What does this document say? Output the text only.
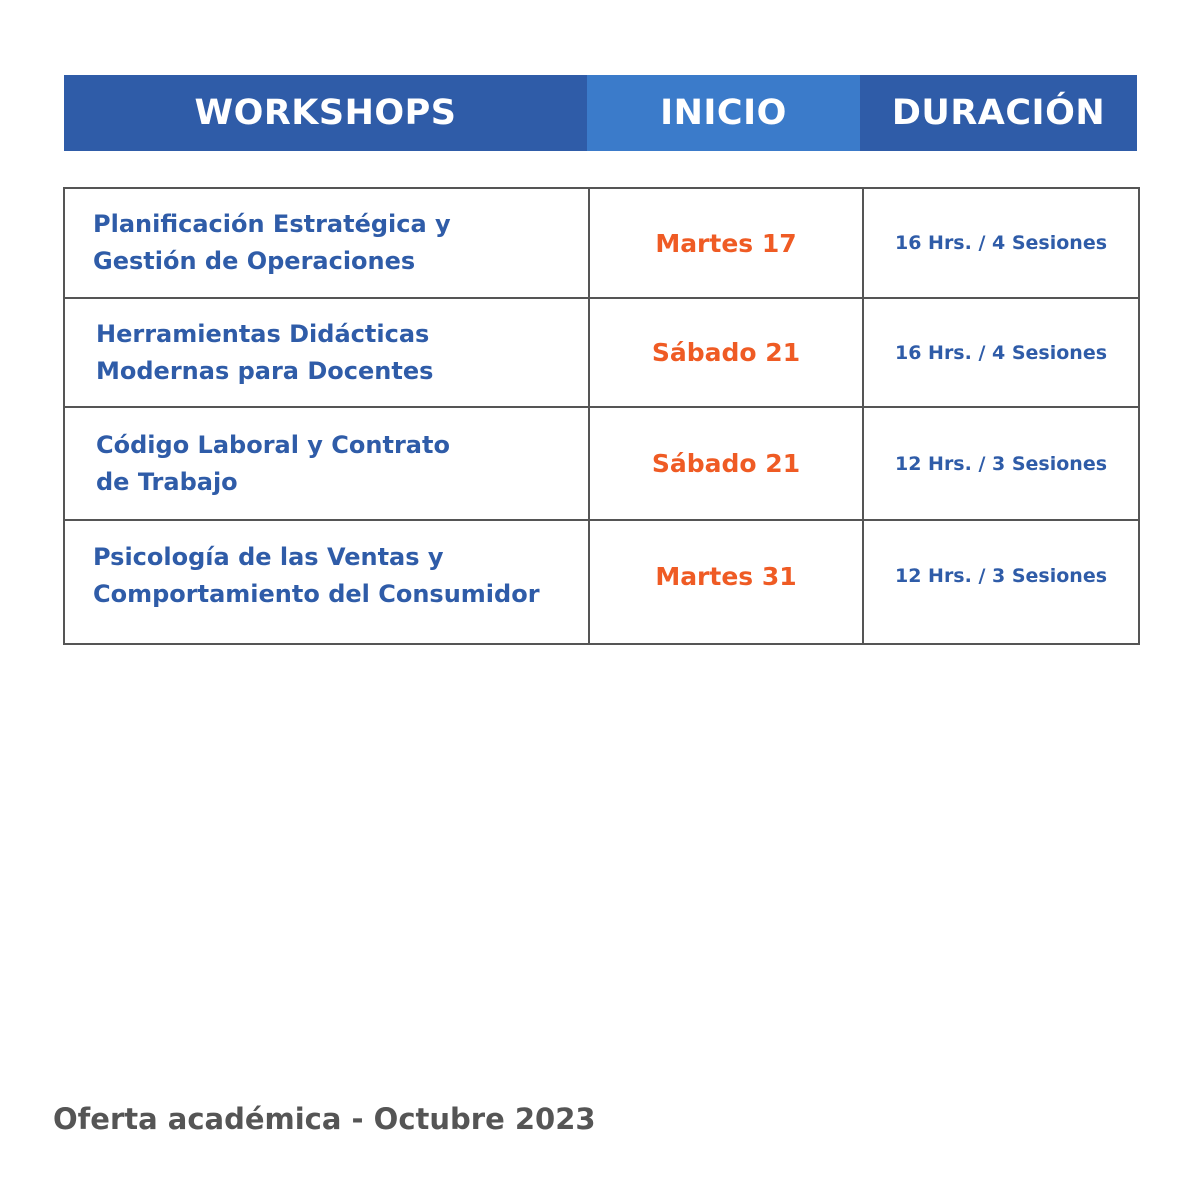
WORKSHOPS	INICIO	DURACIÓN
Planificación Estratégica y
Gestión de Operaciones	Martes 17	16 Hrs. / 4 Sesiones
Herramientas Didácticas
Modernas para Docentes	Sábado 21	16 Hrs. / 4 Sesiones
Código Laboral y Contrato
de Trabajo	Sábado 21	12 Hrs. / 3 Sesiones
Psicología de las Ventas y
Comportamiento del Consumidor	Martes 31	12 Hrs. / 3 Sesiones
Oferta académica - Octubre 2023
